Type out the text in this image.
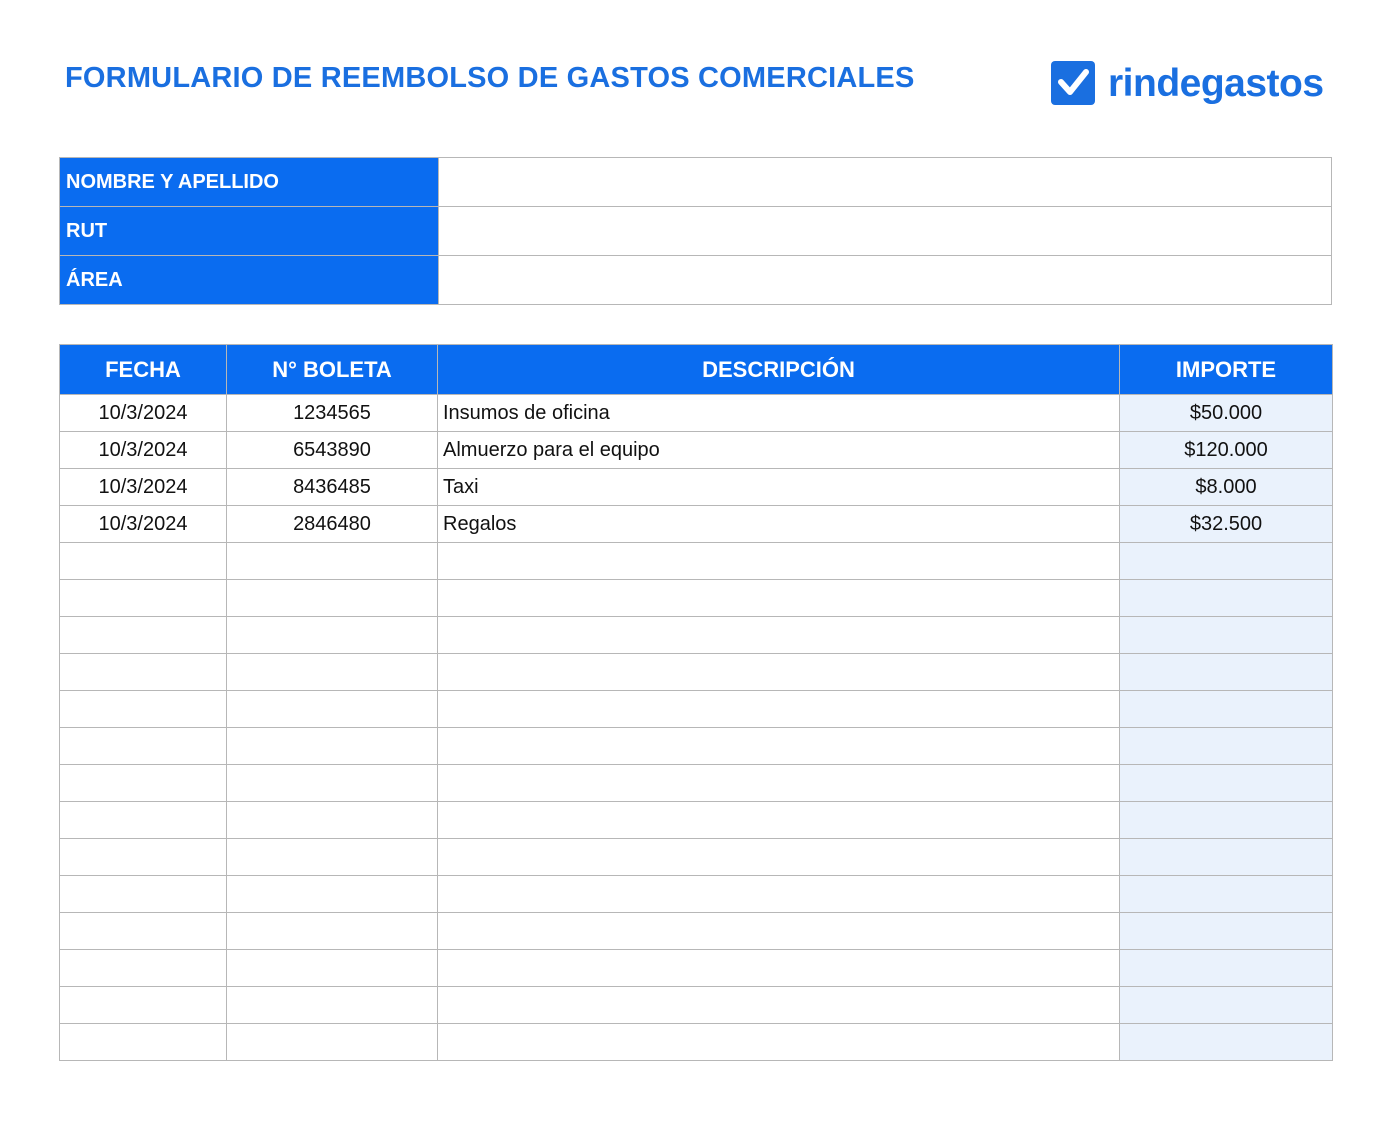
FORMULARIO DE REEMBOLSO DE GASTOS COMERCIALES	rindegastos
NOMBRE Y APELLIDO	
RUT	
ÁREA	
FECHA	N° BOLETA	DESCRIPCIÓN	IMPORTE
10/3/2024	1234565	Insumos de oficina	$50.000
10/3/2024	6543890	Almuerzo para el equipo	$120.000
10/3/2024	8436485	Taxi	$8.000
10/3/2024	2846480	Regalos	$32.500
